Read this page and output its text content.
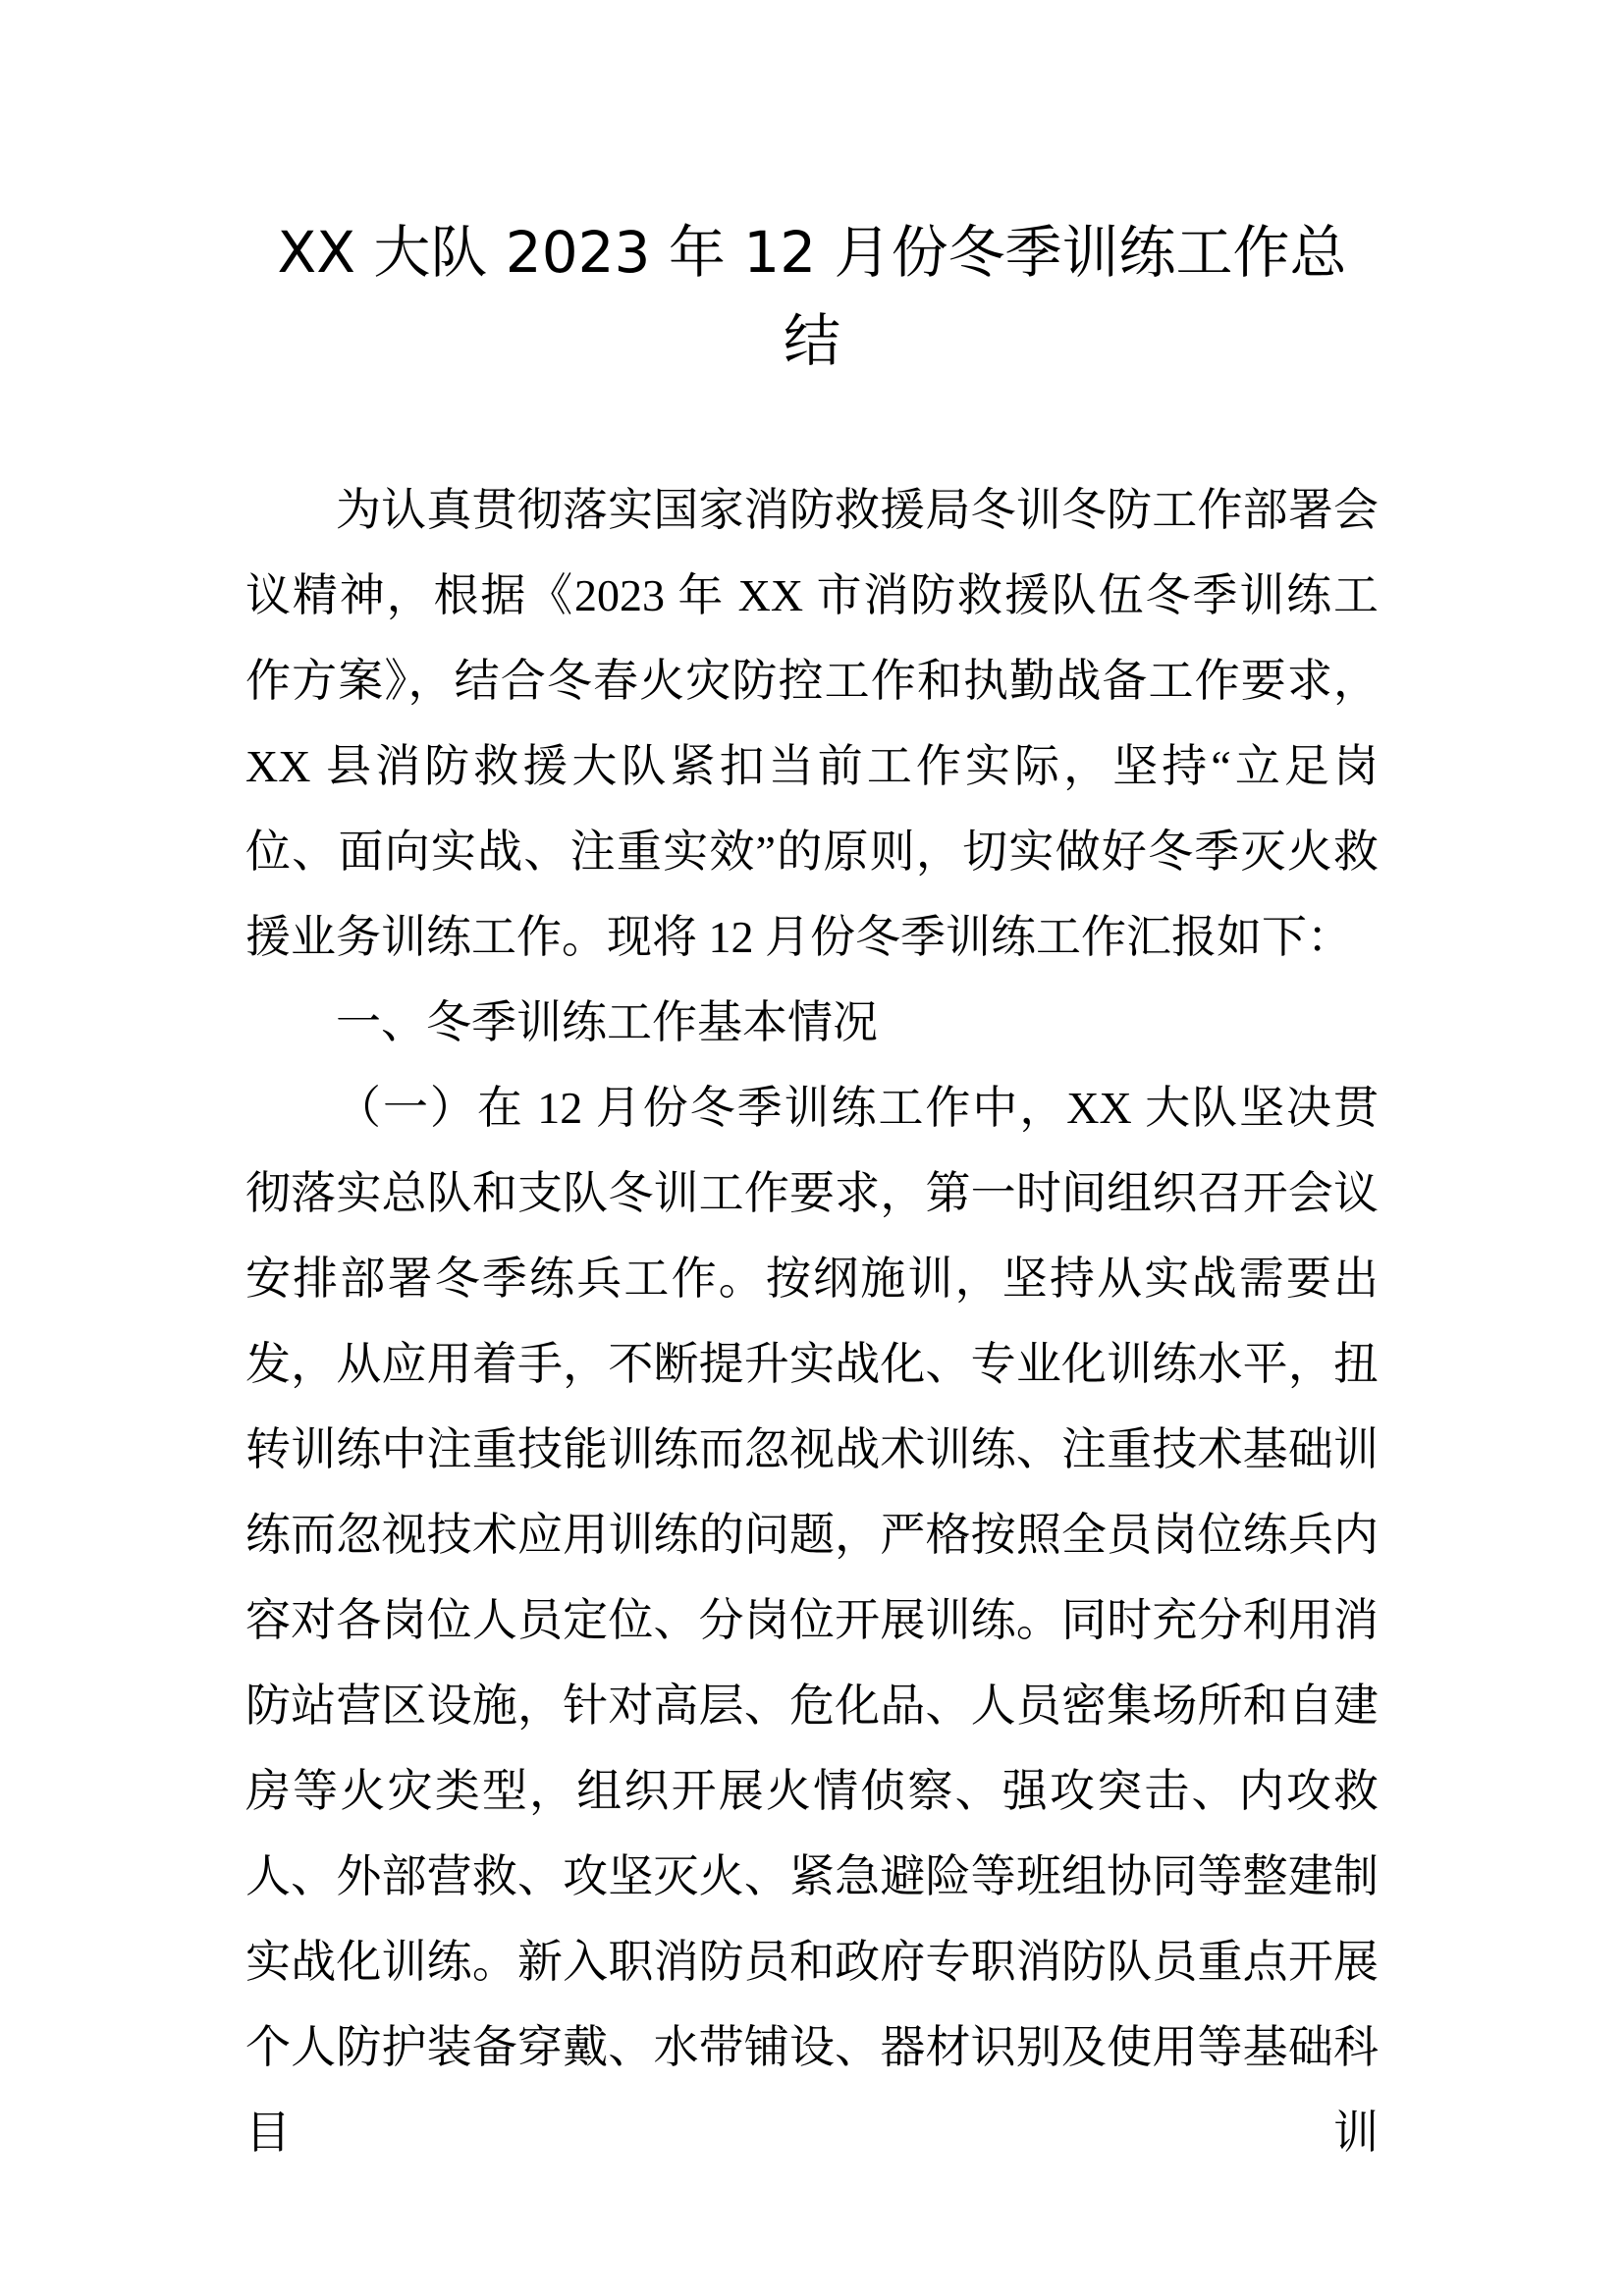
XX 大队 2023 年 12 月份冬季训练工作总结

为认真贯彻落实国家消防救援局冬训冬防工作部署会议精神，根据《2023 年 XX 市消防救援队伍冬季训练工作方案》，结合冬春火灾防控工作和执勤战备工作要求，XX 县消防救援大队紧扣当前工作实际，坚持“立足岗位、面向实战、注重实效”的原则，切实做好冬季灭火救援业务训练工作。现将 12 月份冬季训练工作汇报如下：

一、冬季训练工作基本情况

（一）在 12 月份冬季训练工作中，XX 大队坚决贯彻落实总队和支队冬训工作要求，第一时间组织召开会议安排部署冬季练兵工作。按纲施训，坚持从实战需要出发，从应用着手，不断提升实战化、专业化训练水平，扭转训练中注重技能训练而忽视战术训练、注重技术基础训练而忽视技术应用训练的问题，严格按照全员岗位练兵内容对各岗位人员定位、分岗位开展训练。同时充分利用消防站营区设施，针对高层、危化品、人员密集场所和自建房等火灾类型，组织开展火情侦察、强攻突击、内攻救人、外部营救、攻坚灭火、紧急避险等班组协同等整建制实战化训练。新入职消防员和政府专职消防队员重点开展个人防护装备穿戴、水带铺设、器材识别及使用等基础科目训
